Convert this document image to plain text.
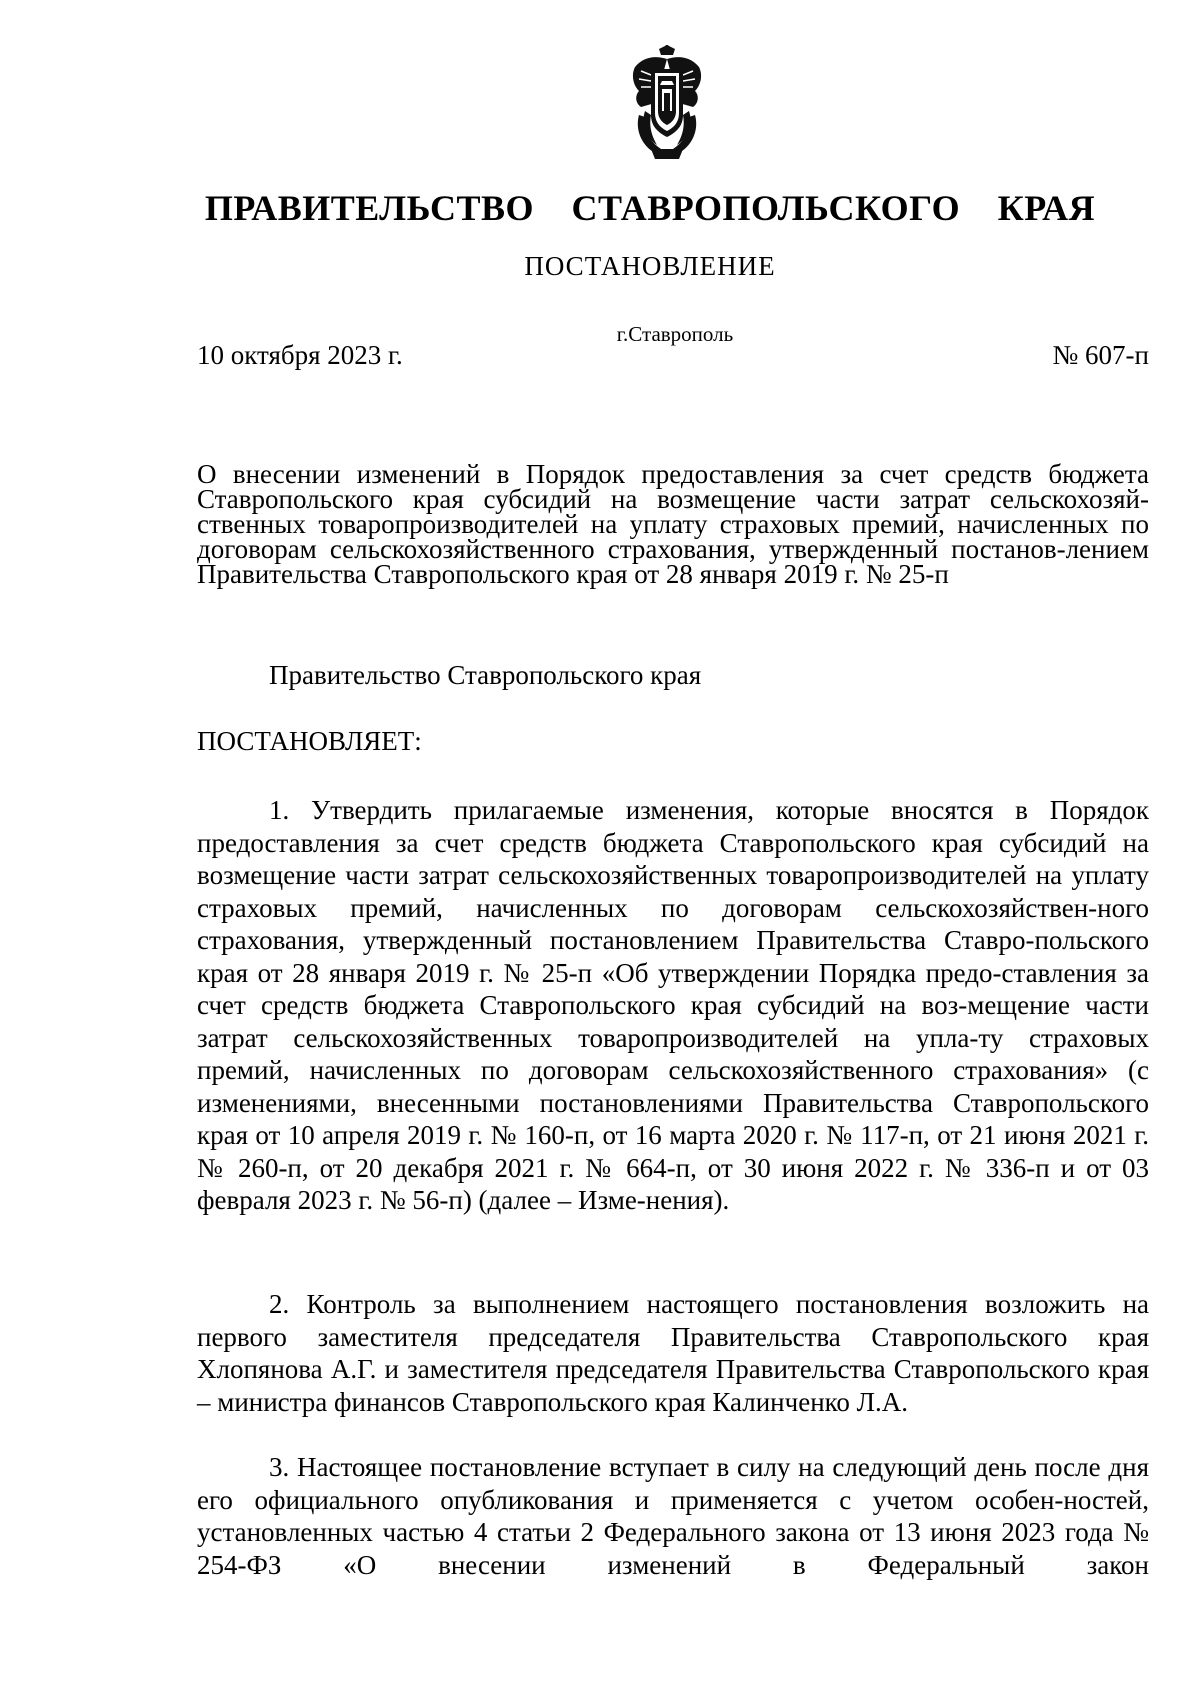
ПРАВИТЕЛЬСТВО СТАВРОПОЛЬСКОГО КРАЯ
ПОСТАНОВЛЕНИЕ
г.Ставрополь
10 октября 2023 г.	№ 607-п
О внесении изменений в Порядок предоставления за счет средств бюджета Ставропольского края субсидий на возмещение части затрат сельскохозяй-ственных товаропроизводителей на уплату страховых премий, начисленных по договорам сельскохозяйственного страхования, утвержденный постанов-лением Правительства Ставропольского края от 28 января 2019 г. № 25-п
Правительство Ставропольского края
ПОСТАНОВЛЯЕТ:

1. Утвердить прилагаемые изменения, которые вносятся в Порядок предоставления за счет средств бюджета Ставропольского края субсидий на возмещение части затрат сельскохозяйственных товаропроизводителей на уплату страховых премий, начисленных по договорам сельскохозяйствен-ного страхования, утвержденный постановлением Правительства Ставро-польского края от 28 января 2019 г. № 25-п «Об утверждении Порядка предо-ставления за счет средств бюджета Ставропольского края субсидий на воз-мещение части затрат сельскохозяйственных товаропроизводителей на упла-ту страховых премий, начисленных по договорам сельскохозяйственного страхования» (с изменениями, внесенными постановлениями Правительства Ставропольского края от 10 апреля 2019 г. № 160-п, от 16 марта 2020 г. № 117-п, от 21 июня 2021 г. № 260-п, от 20 декабря 2021 г. № 664-п, от 30 июня 2022 г. № 336-п и от 03 февраля 2023 г. № 56-п) (далее – Изме-нения).

2. Контроль за выполнением настоящего постановления возложить на первого заместителя председателя Правительства Ставропольского края Хлопянова А.Г. и заместителя председателя Правительства Ставропольского края – министра финансов Ставропольского края Калинченко Л.А.

3. Настоящее постановление вступает в силу на следующий день после дня его официального опубликования и применяется с учетом особен-ностей, установленных частью 4 статьи 2 Федерального закона от 13 июня 2023 года № 254-ФЗ «О внесении изменений в Федеральный закон
